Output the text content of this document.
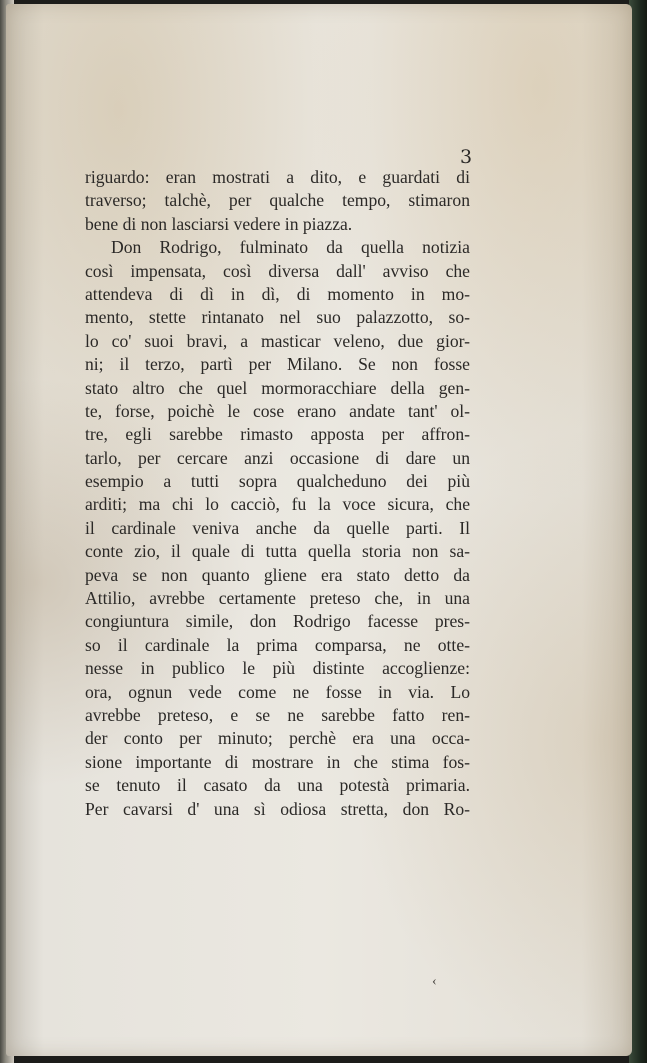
3
riguardo: eran mostrati a dito, e guardati di
traverso; talchè, per qualche tempo, stimaron
bene di non lasciarsi vedere in piazza.
Don Rodrigo, fulminato da quella notizia
così impensata, così diversa dall' avviso che
attendeva di dì in dì, di momento in mo-
mento, stette rintanato nel suo palazzotto, so-
lo co' suoi bravi, a masticar veleno, due gior-
ni; il terzo, partì per Milano. Se non fosse
stato altro che quel mormoracchiare della gen-
te, forse, poichè le cose erano andate tant' ol-
tre, egli sarebbe rimasto apposta per affron-
tarlo, per cercare anzi occasione di dare un
esempio a tutti sopra qualcheduno dei più
arditi; ma chi lo cacciò, fu la voce sicura, che
il cardinale veniva anche da quelle parti. Il
conte zio, il quale di tutta quella storia non sa-
peva se non quanto gliene era stato detto da
Attilio, avrebbe certamente preteso che, in una
congiuntura simile, don Rodrigo facesse pres-
so il cardinale la prima comparsa, ne otte-
nesse in publico le più distinte accoglienze:
ora, ognun vede come ne fosse in via. Lo
avrebbe preteso, e se ne sarebbe fatto ren-
der conto per minuto; perchè era una occa-
sione importante di mostrare in che stima fos-
se tenuto il casato da una potestà primaria.
Per cavarsi d' una sì odiosa stretta, don Ro-
‹
